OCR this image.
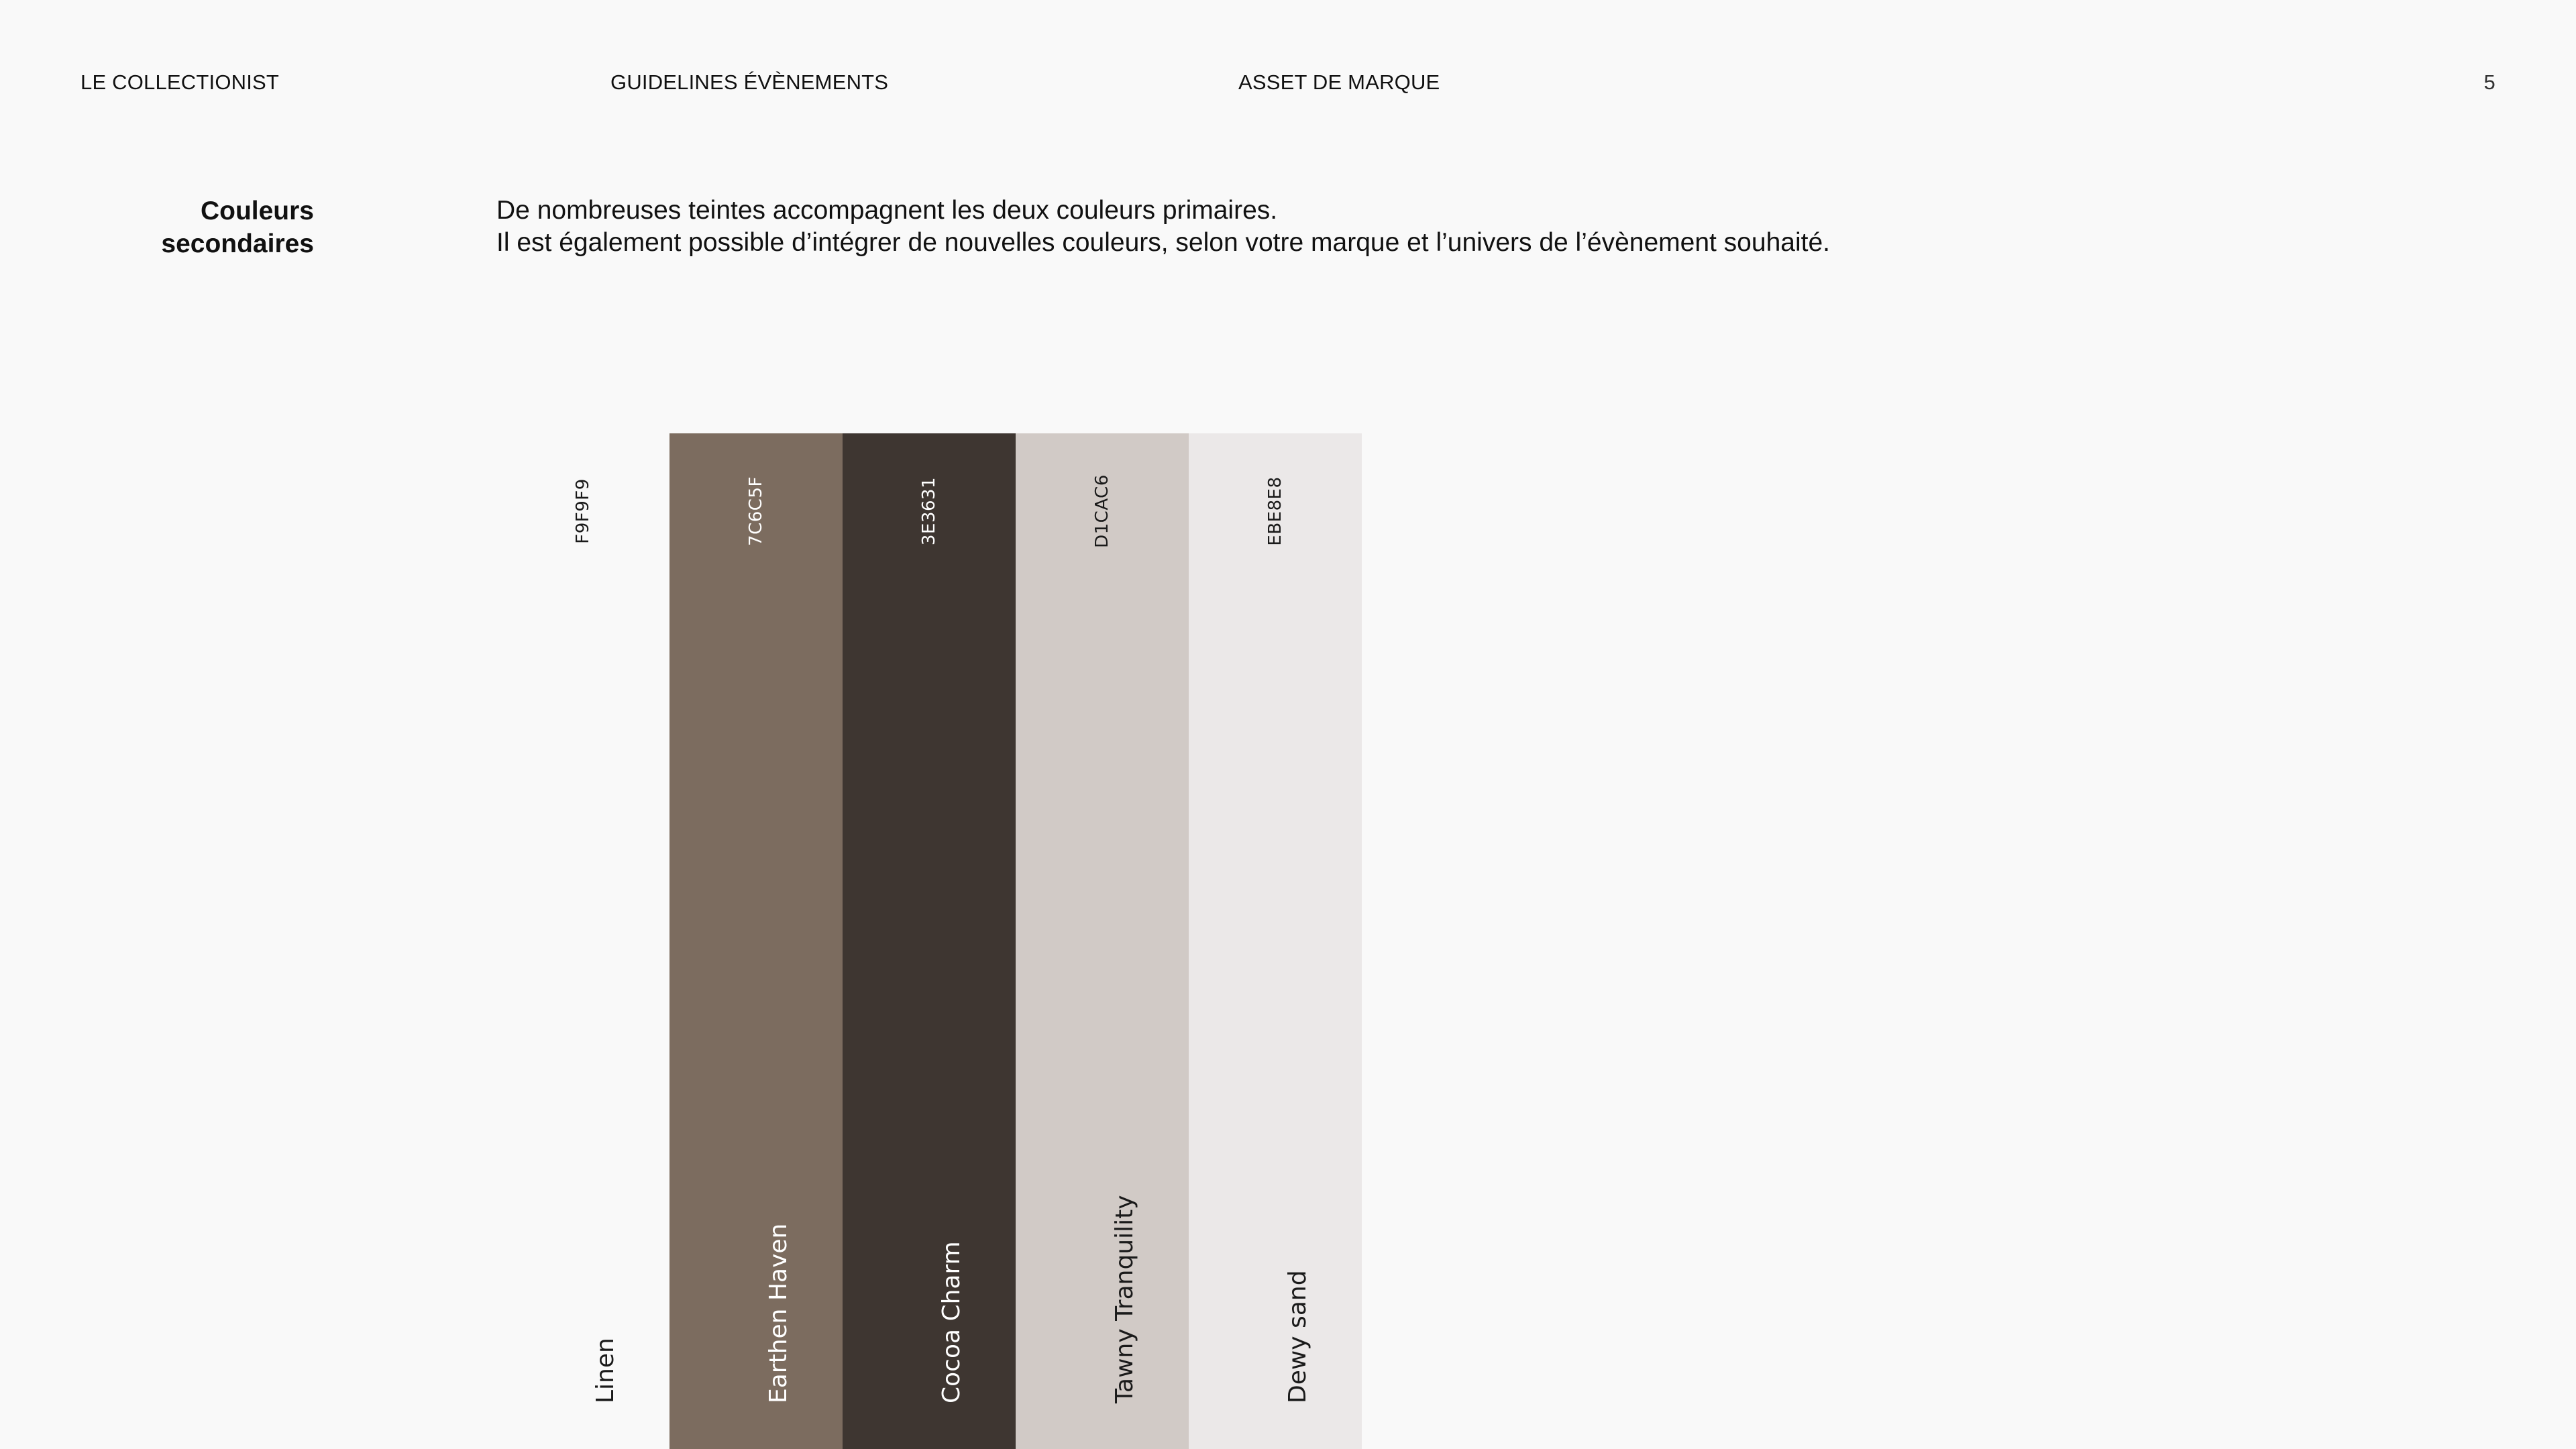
LE COLLECTIONIST	GUIDELINES ÉVÈNEMENTS	ASSET DE MARQUE	5
Couleurs
secondaires
De nombreuses teintes accompagnent les deux couleurs primaires.
Il est également possible d’intégrer de nouvelles couleurs, selon votre marque et l’univers de l’évènement souhaité.
F9F9F9
Linen
7C6C5F
Earthen Haven
3E3631
Cocoa Charm
D1CAC6
Tawny Tranquility
EBE8E8
Dewy sand
